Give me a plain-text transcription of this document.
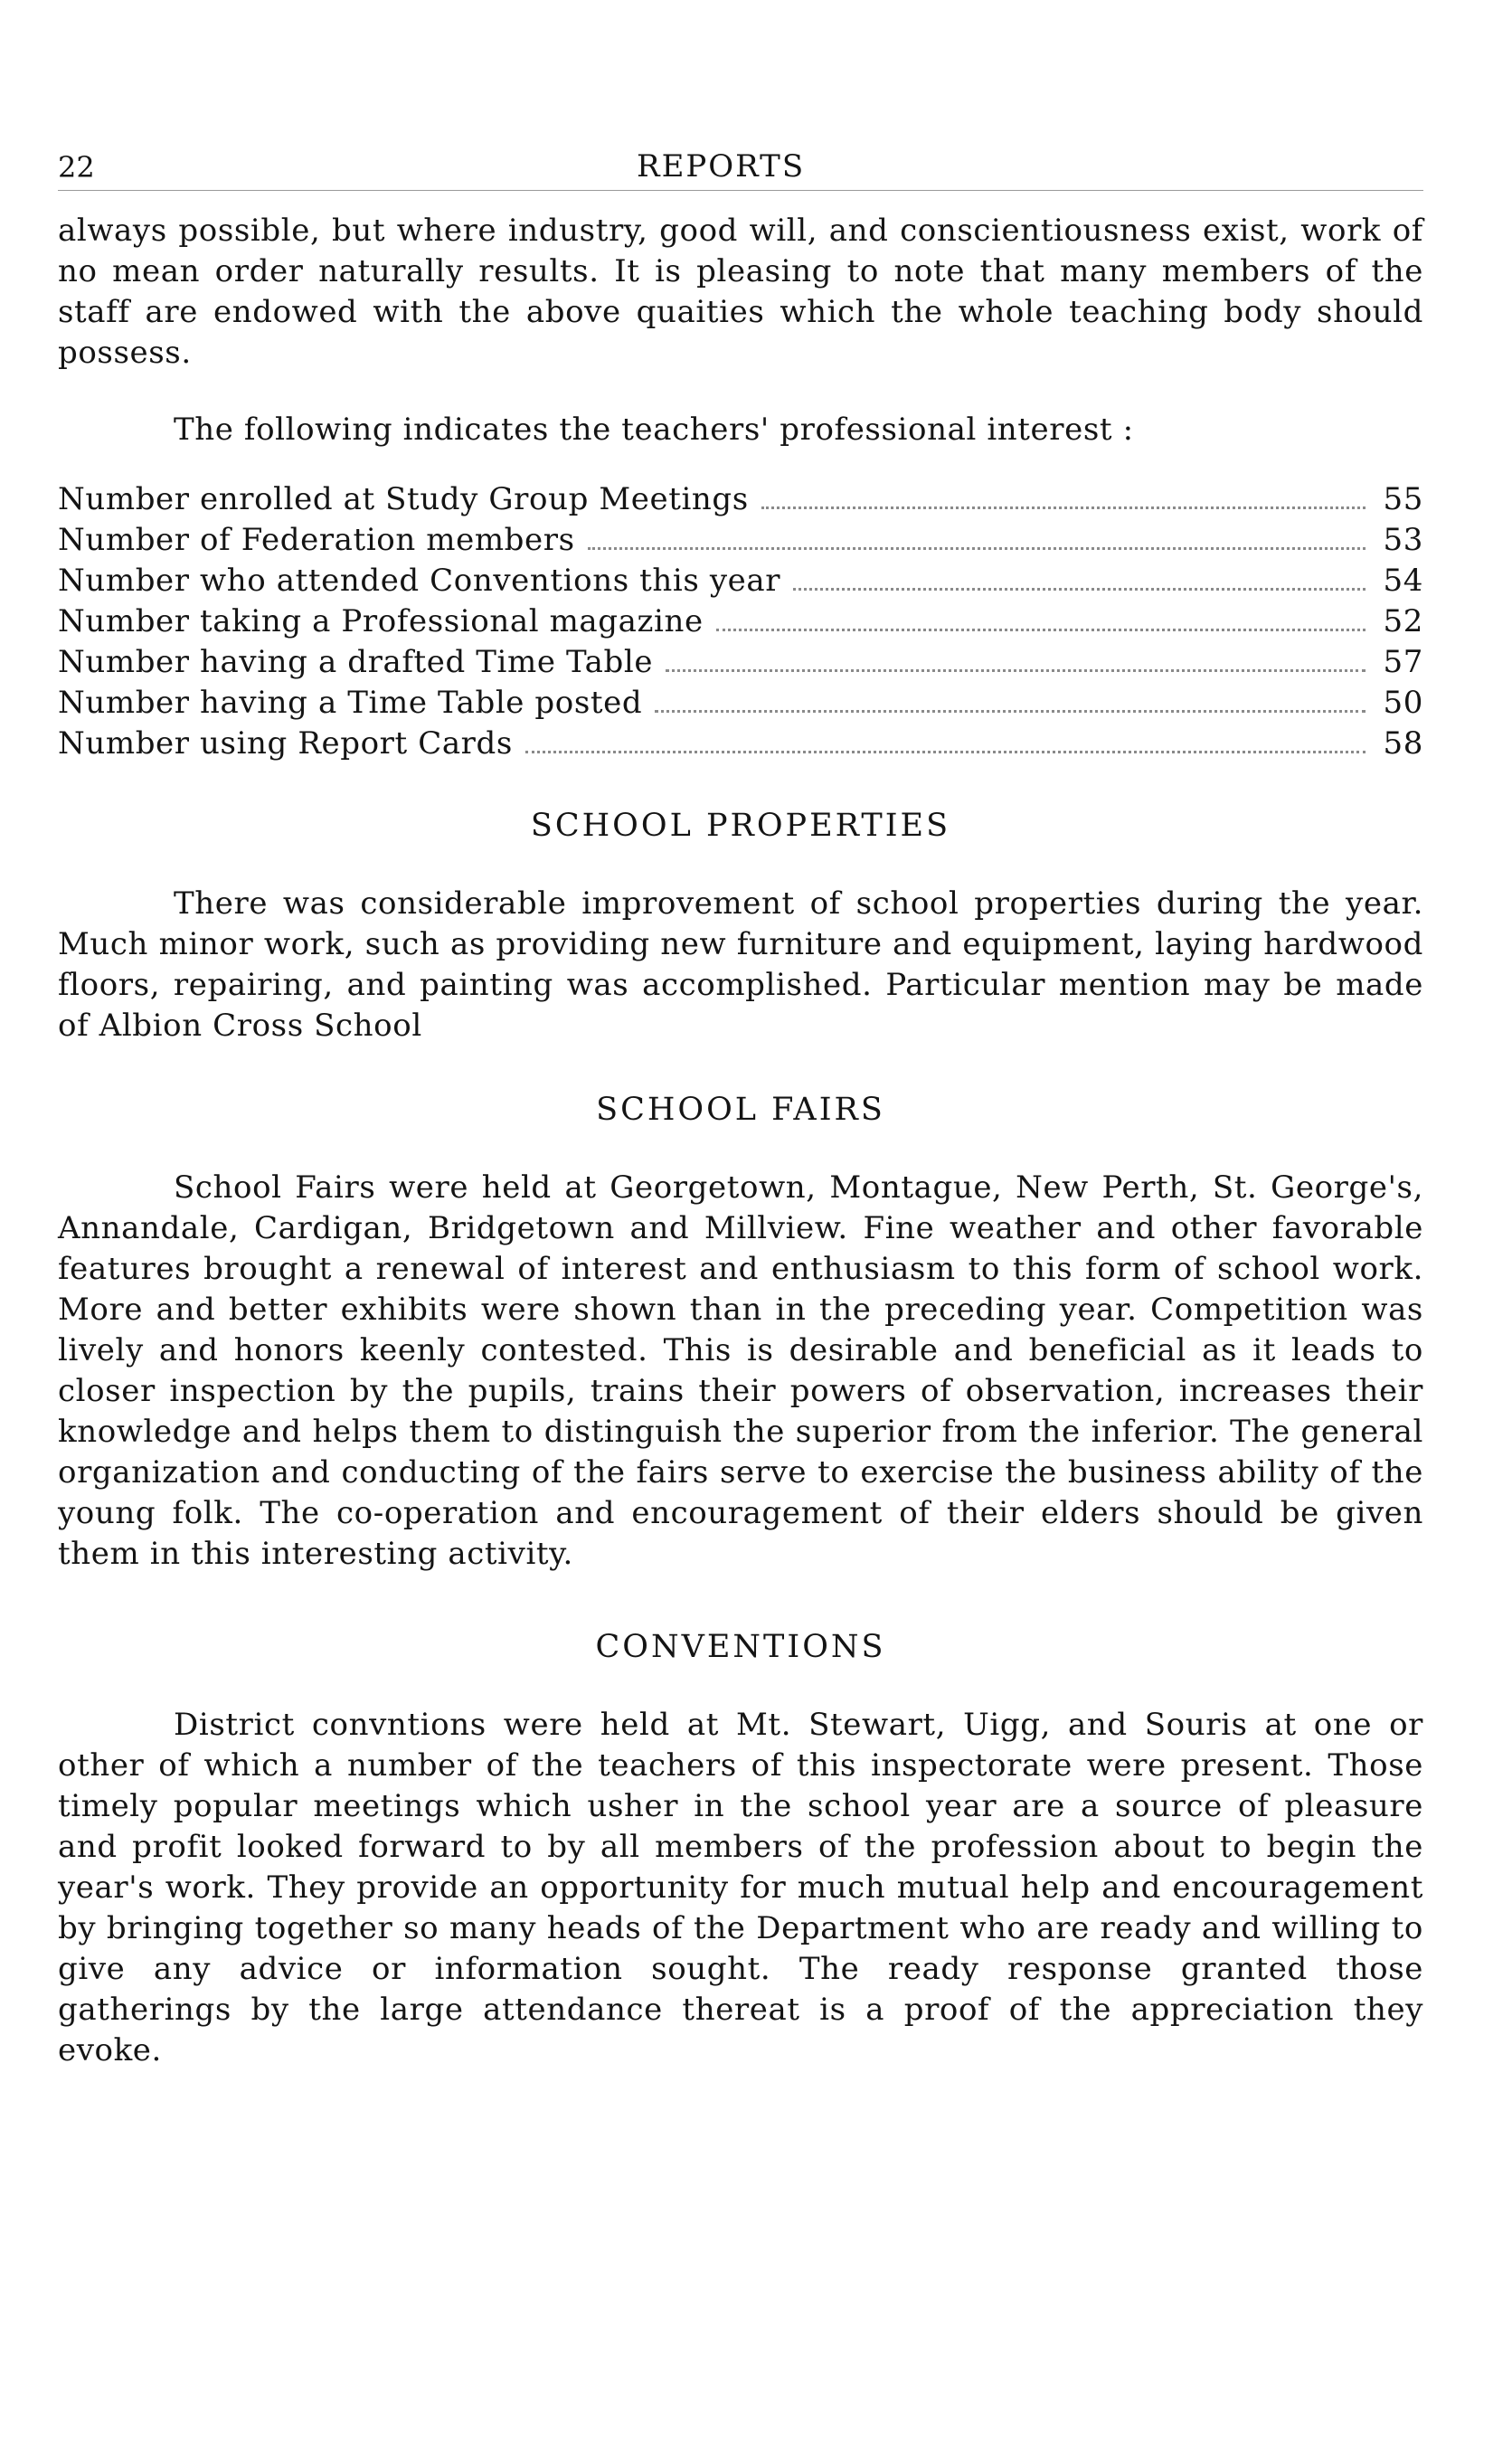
22	REPORTS

always possible, but where industry, good will, and conscientiousness exist, work of no mean order naturally results. It is pleasing to note that many members of the staff are endowed with the above quaities which the whole teaching body should possess.

The following indicates the teachers' professional interest :

Number enrolled at Study Group Meetings	55
Number of Federation members	53
Number who attended Conventions this year	54
Number taking a Professional magazine	52
Number having a drafted Time Table	57
Number having a Time Table posted	50
Number using Report Cards	58
SCHOOL PROPERTIES

There was considerable improvement of school properties during the year. Much minor work, such as providing new furniture and equipment, laying hardwood floors, repairing, and painting was accomplished. Particular mention may be made of Albion Cross School

SCHOOL FAIRS

School Fairs were held at Georgetown, Montague, New Perth, St. George's, Annandale, Cardigan, Bridgetown and Millview. Fine weather and other favorable features brought a renewal of interest and enthusiasm to this form of school work. More and better exhibits were shown than in the preceding year. Competition was lively and honors keenly contested. This is desirable and beneficial as it leads to closer inspection by the pupils, trains their powers of observation, increases their knowledge and helps them to distinguish the superior from the inferior. The general organization and conducting of the fairs serve to exercise the business ability of the young folk. The co-operation and encouragement of their elders should be given them in this interesting activity.

CONVENTIONS

District convntions were held at Mt. Stewart, Uigg, and Souris at one or other of which a number of the teachers of this inspectorate were present. Those timely popular meetings which usher in the school year are a source of pleasure and profit looked forward to by all members of the profession about to begin the year's work. They provide an opportunity for much mutual help and encouragement by bringing together so many heads of the Department who are ready and willing to give any advice or information sought. The ready response granted those gatherings by the large attendance thereat is a proof of the appreciation they evoke.
